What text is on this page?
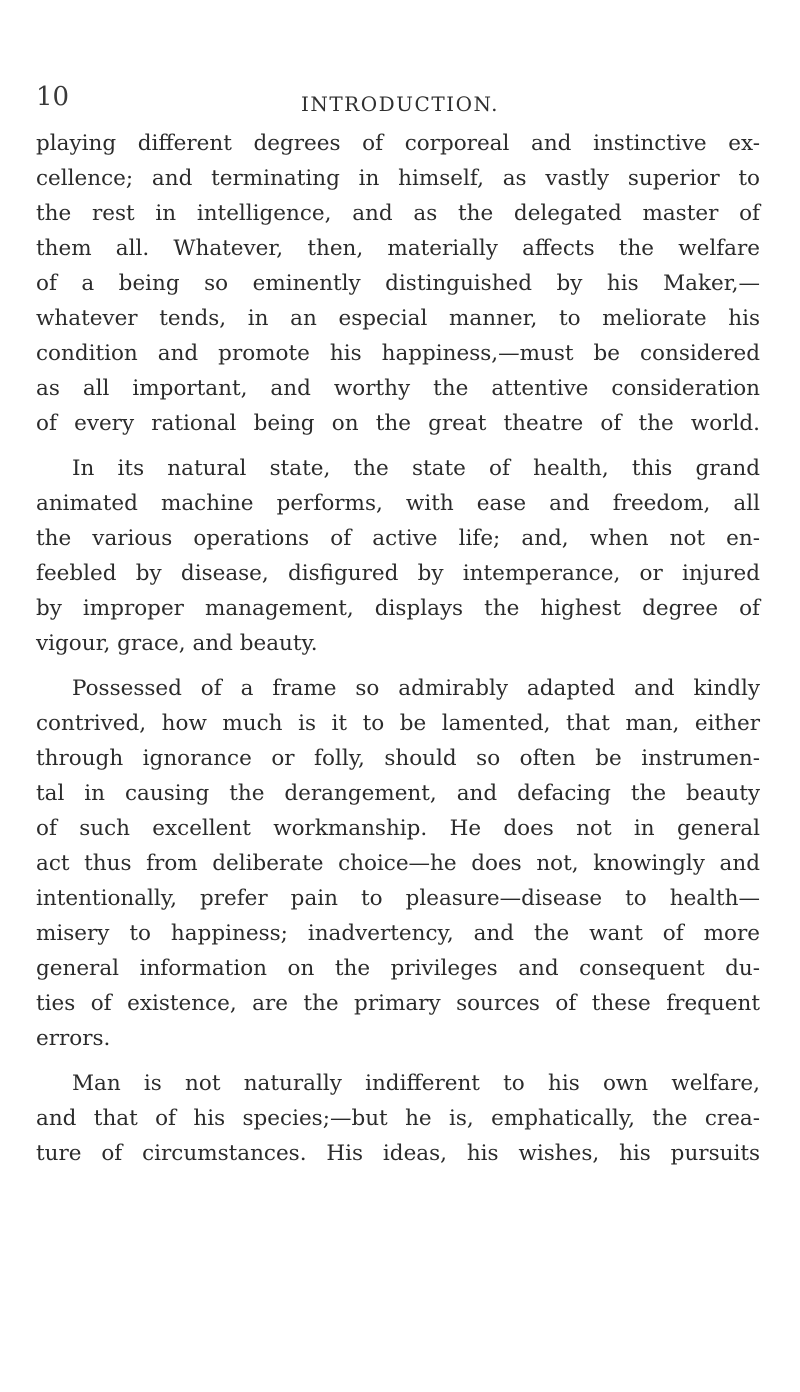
10	INTRODUCTION.
playing different degrees of corporeal and instinctive ex-
cellence; and terminating in himself, as vastly superior to
the rest in intelligence, and as the delegated master of
them all. Whatever, then, materially affects the welfare
of a being so eminently distinguished by his Maker,—
whatever tends, in an especial manner, to meliorate his
condition and promote his happiness,—must be considered
as all important, and worthy the attentive consideration
of every rational being on the great theatre of the world.
In its natural state, the state of health, this grand
animated machine performs, with ease and freedom, all
the various operations of active life; and, when not en-
feebled by disease, disfigured by intemperance, or injured
by improper management, displays the highest degree of
vigour, grace, and beauty.
Possessed of a frame so admirably adapted and kindly
contrived, how much is it to be lamented, that man, either
through ignorance or folly, should so often be instrumen-
tal in causing the derangement, and defacing the beauty
of such excellent workmanship. He does not in general
act thus from deliberate choice—he does not, knowingly and
intentionally, prefer pain to pleasure—disease to health—
misery to happiness; inadvertency, and the want of more
general information on the privileges and consequent du-
ties of existence, are the primary sources of these frequent
errors.
Man is not naturally indifferent to his own welfare,
and that of his species;—but he is, emphatically, the crea-
ture of circumstances. His ideas, his wishes, his pursuits
